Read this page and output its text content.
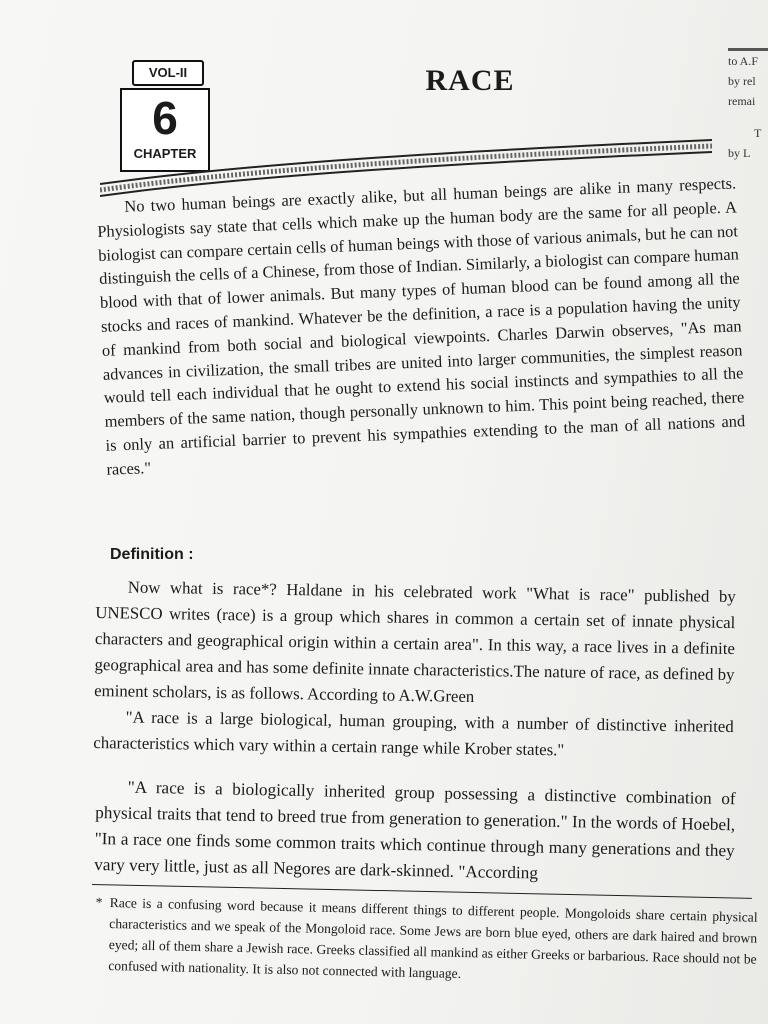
to A.F
by rel
remai
T
by L
VOL-II
6
CHAPTER
RACE

No two human beings are exactly alike, but all human beings are alike in many respects. Physiologists say state that cells which make up the human body are the same for all people. A biologist can compare certain cells of human beings with those of various animals, but he can not distinguish the cells of a Chinese, from those of Indian. Similarly, a biologist can compare human blood with that of lower animals. But many types of human blood can be found among all the stocks and races of mankind. Whatever be the definition, a race is a population having the unity of mankind from both social and biological viewpoints. Charles Darwin observes, "As man advances in civilization, the small tribes are united into larger communities, the simplest reason would tell each individual that he ought to extend his social instincts and sympathies to all the members of the same nation, though personally unknown to him. This point being reached, there is only an artificial barrier to prevent his sympathies extending to the man of all nations and races."

Definition :

Now what is race*? Haldane in his celebrated work "What is race" published by UNESCO writes (race) is a group which shares in common a certain set of innate physical characters and geographical origin within a certain area". In this way, a race lives in a definite geographical area and has some definite innate characteristics.The nature of race, as defined by eminent scholars, is as follows. According to A.W.Green

"A race is a large biological, human grouping, with a number of distinctive inherited characteristics which vary within a certain range while Krober states."

"A race is a biologically inherited group possessing a distinctive combination of physical traits that tend to breed true from generation to generation." In the words of Hoebel, "In a race one finds some common traits which continue through many generations and they vary very little, just as all Negores are dark-skinned. "According

* Race is a confusing word because it means different things to different people. Mongoloids share certain physical characteristics and we speak of the Mongoloid race. Some Jews are born blue eyed, others are dark haired and brown eyed; all of them share a Jewish race. Greeks classified all mankind as either Greeks or barbarious. Race should not be confused with nationality. It is also not connected with language.
